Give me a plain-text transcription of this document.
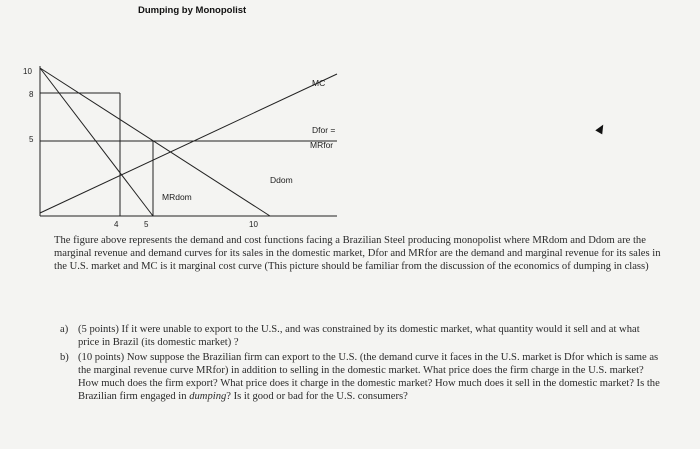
Dumping by Monopolist
10
8
5
4	5	10
MC
Dfor =
MRfor
Ddom
MRdom

The figure above represents the demand and cost functions facing a Brazilian Steel producing monopolist where MRdom and Ddom are the marginal revenue and demand curves for its sales in the domestic market, Dfor and MRfor are the demand and marginal revenue for its sales in the U.S. market and MC is it marginal cost curve (This picture should be familiar from the discussion of the economics of dumping in class)

a) (5 points) If it were unable to export to the U.S., and was constrained by its domestic market, what quantity would it sell and at what price in Brazil (its domestic market) ?
b) (10 points) Now suppose the Brazilian firm can export to the U.S. (the demand curve it faces in the U.S. market is Dfor which is same as the marginal revenue curve MRfor) in addition to selling in the domestic market. What price does the firm charge in the U.S. market? How much does the firm export? What price does it charge in the domestic market? How much does it sell in the domestic market? Is the Brazilian firm engaged in dumping? Is it good or bad for the U.S. consumers?
